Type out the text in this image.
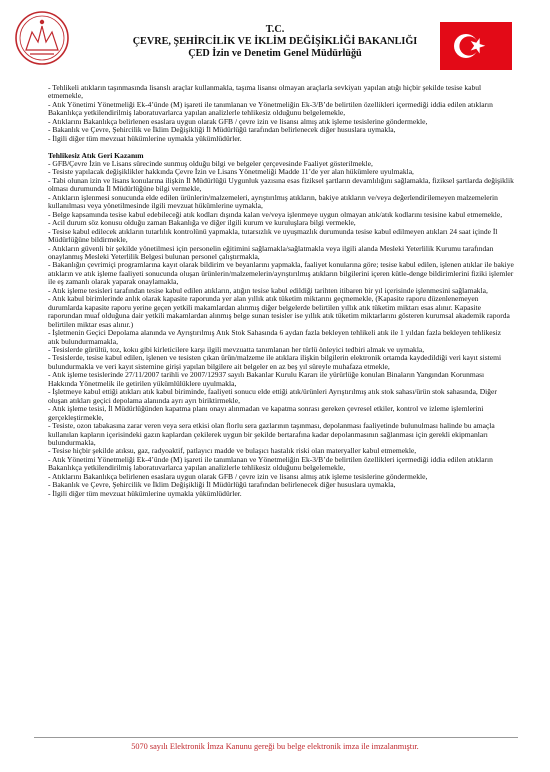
T.C.
ÇEVRE, ŞEHİRCİLİK VE İKLİM DEĞİŞİKLİĞİ BAKANLIĞI
ÇED İzin ve Denetim Genel Müdürlüğü

- Tehlikeli atıkların taşınmasında lisanslı araçlar kullanmakla, taşıma lisansı olmayan araçlarla sevkiyatı yapılan atığı hiçbir şekilde tesise kabul etmemekle,

- Atık Yönetimi Yönetmeliği Ek-4’ünde (M) işareti ile tanımlanan ve Yönetmeliğin Ek-3/B’de belirtilen özellikleri içermediği iddia edilen atıkların Bakanlıkça yetkilendirilmiş laboratuvarlarca yapılan analizlerle tehlikesiz olduğunu belgelemekle,

- Atıklarını Bakanlıkça belirlenen esaslara uygun olarak GFB / çevre izin ve lisansı almış atık işleme tesislerine göndermekle,

- Bakanlık ve Çevre, Şehircilik ve İklim Değişikliği İl Müdürlüğü tarafından belirlenecek diğer hususlara uymakla,

- İlgili diğer tüm mevzuat hükümlerine uymakla yükümlüdürler.

Tehlikesiz Atık Geri Kazanım

- GFB/Çevre İzin ve Lisans sürecinde sunmuş olduğu bilgi ve belgeler çerçevesinde Faaliyet gösterilmekle,

- Tesiste yapılacak değişiklikler hakkında Çevre İzin ve Lisans Yönetmeliği Madde 11’de yer alan hükümlere uyulmakla,

- Tabi olunan izin ve lisans konularına ilişkin İl Müdürlüğü Uygunluk yazısına esas fiziksel şartların devamlılığını sağlamakla, fiziksel şartlarda değişiklik olması durumunda İl Müdürlüğüne bilgi vermekle,

- Atıkların işlenmesi sonucunda elde edilen ürünlerin/malzemeleri, ayrıştırılmış atıkların, bakiye atıkların ve/veya değerlendirilemeyen malzemelerin kullanılması veya yönetilmesinde ilgili mevzuat hükümlerine uymakla,

- Belge kapsamında tesise kabul edebileceği atık kodları dışında kalan ve/veya işlenmeye uygun olmayan atık/atık kodlarını tesisine kabul etmemekle,

- Acil durum söz konusu olduğu zaman Bakanlığa ve diğer ilgili kurum ve kuruluşlara bilgi vermekle,

- Tesise kabul edilecek atıkların tutarlılık kontrolünü yapmakla, tutarsızlık ve uyuşmazlık durumunda tesise kabul edilmeyen atıkları 24 saat içinde İl Müdürlüğüne bildirmekle,

- Atıkların güvenli bir şekilde yönetilmesi için personelin eğitimini sağlamakla/sağlatmakla veya ilgili alanda Mesleki Yeterlilik Kurumu tarafından onaylanmış Mesleki Yeterlilik Belgesi bulunan personel çalıştırmakla,

- Bakanlığın çevrimiçi programlarına kayıt olarak bildirim ve beyanlarını yapmakla, faaliyet konularına göre; tesise kabul edilen, işlenen atıklar ile bakiye atıkların ve atık işleme faaliyeti sonucunda oluşan ürünlerin/malzemelerin/ayrıştırılmış atıkların bilgilerini içeren kütle-denge bildirimlerini fiziki işlemler ile eş zamanlı olarak yaparak onaylamakla,

- Atık işleme tesisleri tarafından tesise kabul edilen atıkların, atığın tesise kabul edildiği tarihten itibaren bir yıl içerisinde işlenmesini sağlamakla,

- Atık kabul birimlerinde anlık olarak kapasite raporunda yer alan yıllık atık tüketim miktarını geçmemekle, (Kapasite raporu düzenlenemeyen durumlarda kapasite raporu yerine geçen yetkili makamlardan alınmış diğer belgelerde belirtilen yıllık atık tüketim miktarı esas alınır. Kapasite raporundan muaf olduğuna dair yetkili makamlardan alınmış belge sunan tesisler ise yıllık atık tüketim miktarlarını gösteren kurumsal akademik raporda belirtilen miktar esas alınır.)

- İşletmenin Geçici Depolama alanında ve Ayrıştırılmış Atık Stok Sahasında 6 aydan fazla bekleyen tehlikeli atık ile 1 yıldan fazla bekleyen tehlikesiz atık bulundurmamakla,

- Tesislerde gürültü, toz, koku gibi kirleticilere karşı ilgili mevzuatta tanımlanan her türlü önleyici tedbiri almak ve uymakla,

- Tesislerde, tesise kabul edilen, işlenen ve tesisten çıkan ürün/malzeme ile atıklara ilişkin bilgilerin elektronik ortamda kaydedildiği veri kayıt sistemi bulundurmakla ve veri kayıt sistemine girişi yapılan bilgilere ait belgeler en az beş yıl süreyle muhafaza etmekle,

- Atık işleme tesislerinde 27/11/2007 tarihli ve 2007/12937 sayılı Bakanlar Kurulu Kararı ile yürürlüğe konulan Binaların Yangından Korunması Hakkında Yönetmelik ile getirilen yükümlülüklere uyulmakla,

- İşletmeye kabul ettiği atıkları atık kabul biriminde, faaliyeti sonucu elde ettiği atık/ürünleri Ayrıştırılmış atık stok sahası/ürün stok sahasında, Diğer oluşan atıkları geçici depolama alanında ayrı ayrı biriktirmekle,

- Atık işleme tesisi, İl Müdürlüğünden kapatma planı onayı alınmadan ve kapatma sonrası gereken çevresel etkiler, kontrol ve izleme işlemlerini gerçekleştirmekle,

- Tesiste, ozon tabakasına zarar veren veya sera etkisi olan florlu sera gazlarının taşınması, depolanması faaliyetinde bulunulması halinde bu amaçla kullanılan kapların içerisindeki gazın kaplardan çekilerek uygun bir şekilde bertarafına kadar depolanmasının sağlanması için gerekli ekipmanları bulundurmakla,

- Tesise hiçbir şekilde atıksu, gaz, radyoaktif, patlayıcı madde ve bulaşıcı hastalık riski olan materyaller kabul etmemekle,

- Atık Yönetimi Yönetmeliği Ek-4’ünde (M) işareti ile tanımlanan ve Yönetmeliğin Ek-3/B’de belirtilen özellikleri içermediği iddia edilen atıkların Bakanlıkça yetkilendirilmiş laboratuvarlarca yapılan analizlerle tehlikesiz olduğunu belgelemekle,

- Atıklarını Bakanlıkça belirlenen esaslara uygun olarak GFB / çevre izin ve lisansı almış atık işleme tesislerine göndermekle,

- Bakanlık ve Çevre, Şehircilik ve İklim Değişikliği İl Müdürlüğü tarafından belirlenecek diğer hususlara uymakla,

- İlgili diğer tüm mevzuat hükümlerine uymakla yükümlüdürler.

5070 sayılı Elektronik İmza Kanunu gereği bu belge elektronik imza ile imzalanmıştır.
